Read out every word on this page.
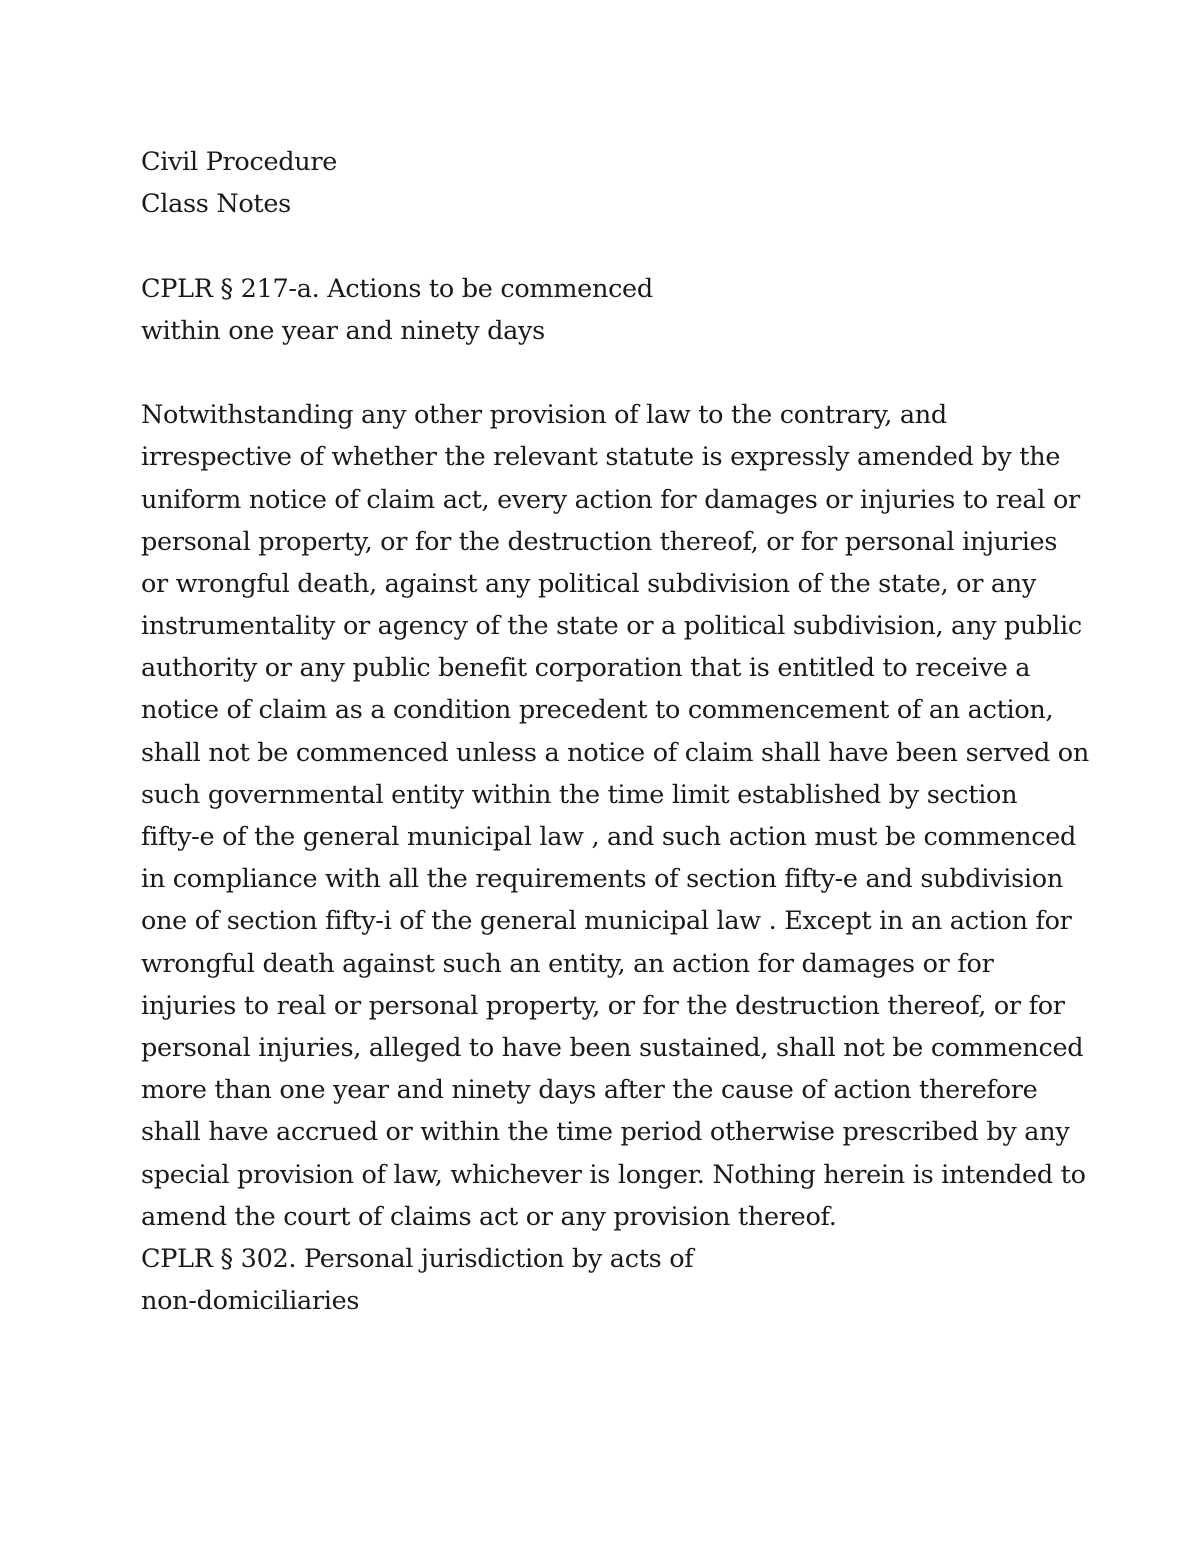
Civil Procedure
Class Notes
CPLR § 217-a. Actions to be commenced
within one year and ninety days
Notwithstanding any other provision of law to the contrary, and
irrespective of whether the relevant statute is expressly amended by the
uniform notice of claim act, every action for damages or injuries to real or
personal property, or for the destruction thereof, or for personal injuries
or wrongful death, against any political subdivision of the state, or any
instrumentality or agency of the state or a political subdivision, any public
authority or any public benefit corporation that is entitled to receive a
notice of claim as a condition precedent to commencement of an action,
shall not be commenced unless a notice of claim shall have been served on
such governmental entity within the time limit established by section
fifty-e of the general municipal law , and such action must be commenced
in compliance with all the requirements of section fifty-e and subdivision
one of section fifty-i of the general municipal law . Except in an action for
wrongful death against such an entity, an action for damages or for
injuries to real or personal property, or for the destruction thereof, or for
personal injuries, alleged to have been sustained, shall not be commenced
more than one year and ninety days after the cause of action therefore
shall have accrued or within the time period otherwise prescribed by any
special provision of law, whichever is longer. Nothing herein is intended to
amend the court of claims act or any provision thereof.
CPLR § 302. Personal jurisdiction by acts of
non-domiciliaries
